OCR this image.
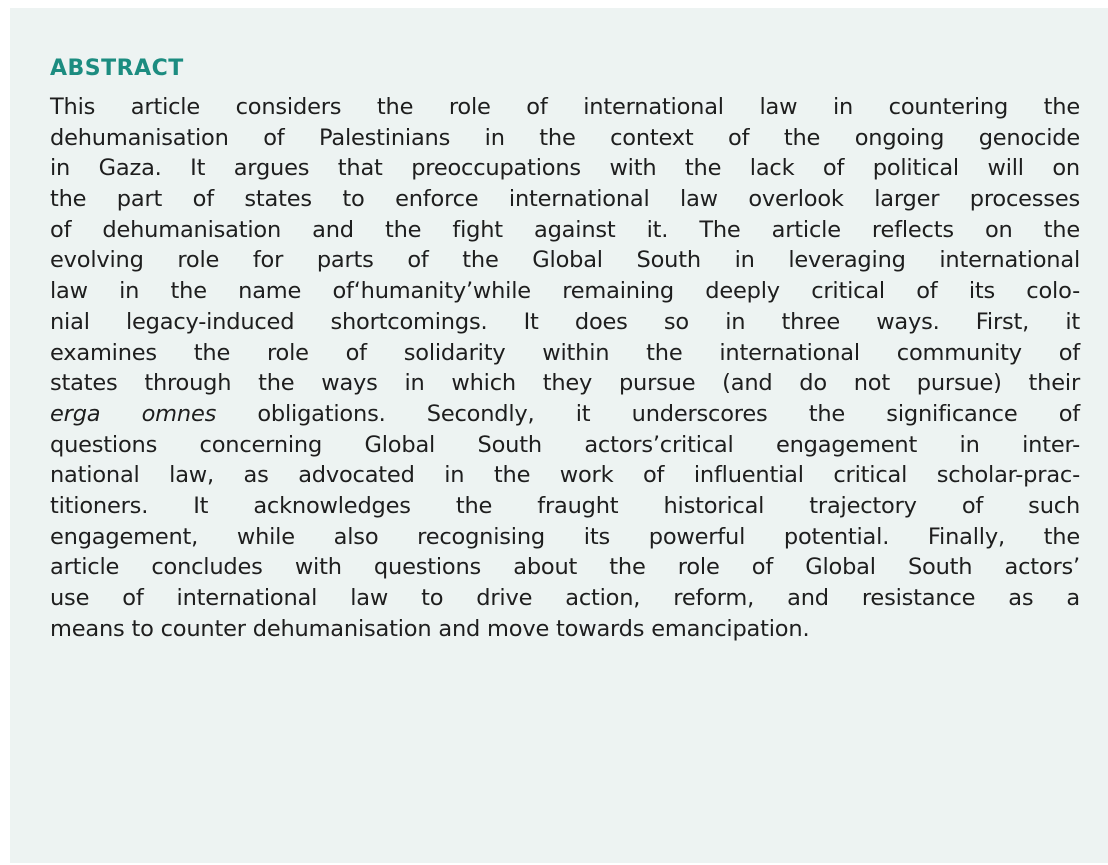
ABSTRACT
This article considers the role of international law in countering the
dehumanisation of Palestinians in the context of the ongoing genocide
in Gaza. It argues that preoccupations with the lack of political will on
the part of states to enforce international law overlook larger processes
of dehumanisation and the fight against it. The article reflects on the
evolving role for parts of the Global South in leveraging international
law in the name of‘humanity’while remaining deeply critical of its colo-
nial legacy-induced shortcomings. It does so in three ways. First, it
examines the role of solidarity within the international community of
states through the ways in which they pursue (and do not pursue) their
erga omnes obligations. Secondly, it underscores the significance of
questions concerning Global South actors’critical engagement in inter-
national law, as advocated in the work of influential critical scholar-prac-
titioners. It acknowledges the fraught historical trajectory of such
engagement, while also recognising its powerful potential. Finally, the
article concludes with questions about the role of Global South actors’
use of international law to drive action, reform, and resistance as a
means to counter dehumanisation and move towards emancipation.
